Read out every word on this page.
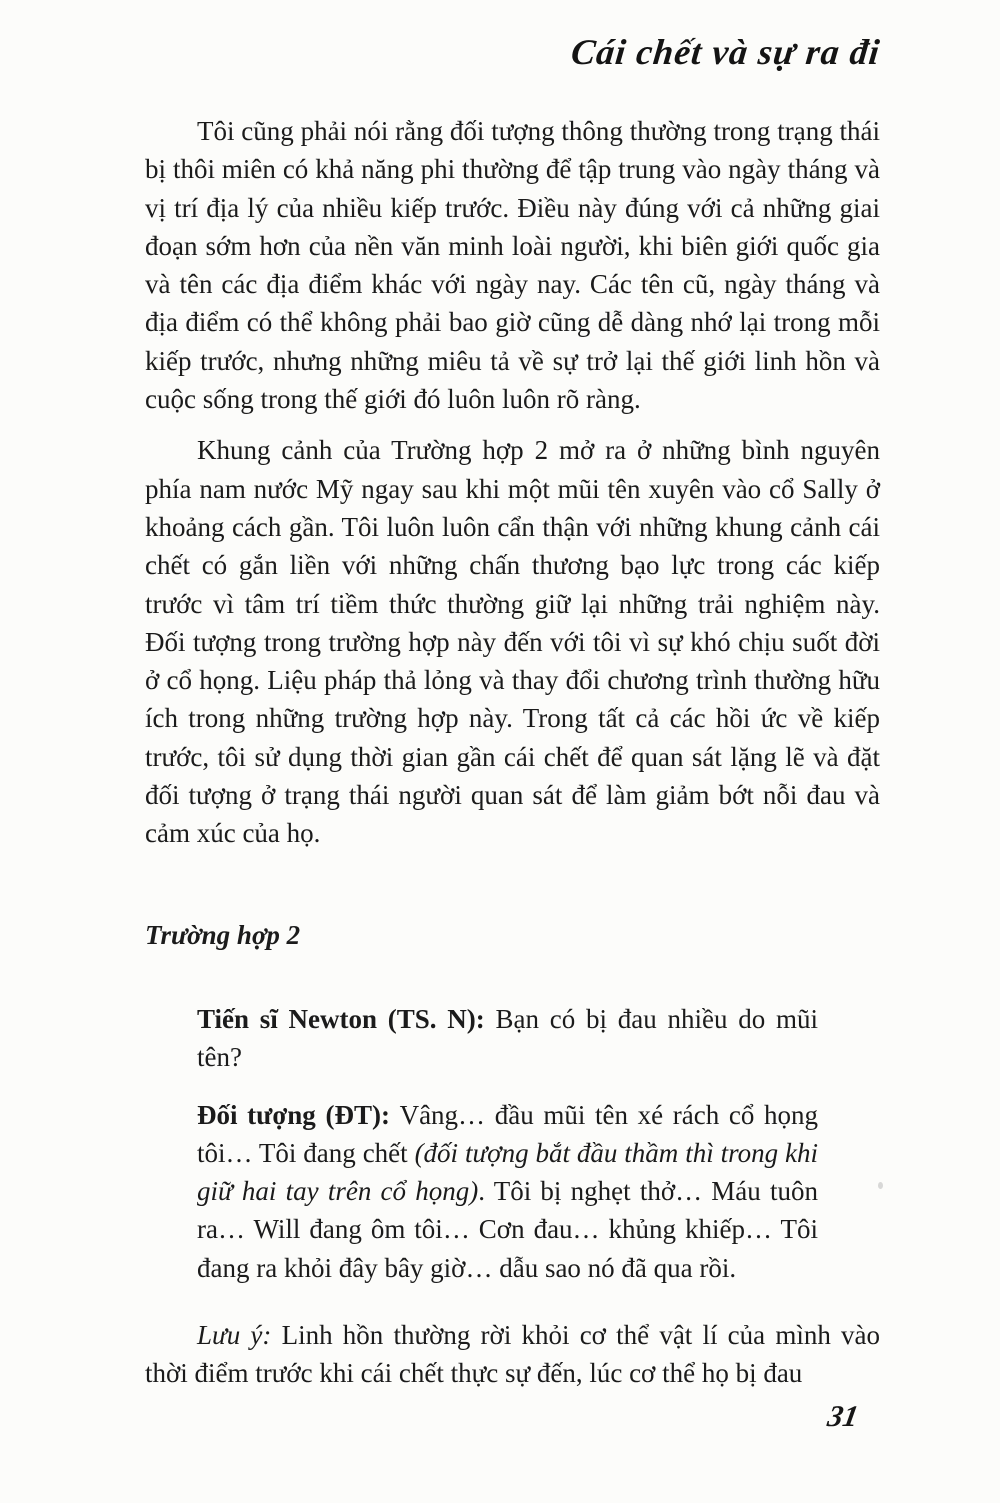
Cái chết và sự ra đi

Tôi cũng phải nói rằng đối tượng thông thường trong trạng thái bị thôi miên có khả năng phi thường để tập trung vào ngày tháng và vị trí địa lý của nhiều kiếp trước. Điều này đúng với cả những giai đoạn sớm hơn của nền văn minh loài người, khi biên giới quốc gia và tên các địa điểm khác với ngày nay. Các tên cũ, ngày tháng và địa điểm có thể không phải bao giờ cũng dễ dàng nhớ lại trong mỗi kiếp trước, nhưng những miêu tả về sự trở lại thế giới linh hồn và cuộc sống trong thế giới đó luôn luôn rõ ràng.

Khung cảnh của Trường hợp 2 mở ra ở những bình nguyên phía nam nước Mỹ ngay sau khi một mũi tên xuyên vào cổ Sally ở khoảng cách gần. Tôi luôn luôn cẩn thận với những khung cảnh cái chết có gắn liền với những chấn thương bạo lực trong các kiếp trước vì tâm trí tiềm thức thường giữ lại những trải nghiệm này. Đối tượng trong trường hợp này đến với tôi vì sự khó chịu suốt đời ở cổ họng. Liệu pháp thả lỏng và thay đổi chương trình thường hữu ích trong những trường hợp này. Trong tất cả các hồi ức về kiếp trước, tôi sử dụng thời gian gần cái chết để quan sát lặng lẽ và đặt đối tượng ở trạng thái người quan sát để làm giảm bớt nỗi đau và cảm xúc của họ.

Trường hợp 2

Tiến sĩ Newton (TS. N): Bạn có bị đau nhiều do mũi tên?

Đối tượng (ĐT): Vâng… đầu mũi tên xé rách cổ họng tôi… Tôi đang chết (đối tượng bắt đầu thầm thì trong khi giữ hai tay trên cổ họng). Tôi bị nghẹt thở… Máu tuôn ra… Will đang ôm tôi… Cơn đau… khủng khiếp… Tôi đang ra khỏi đây bây giờ… dẫu sao nó đã qua rồi.

Lưu ý: Linh hồn thường rời khỏi cơ thể vật lí của mình vào thời điểm trước khi cái chết thực sự đến, lúc cơ thể họ bị đau

31
